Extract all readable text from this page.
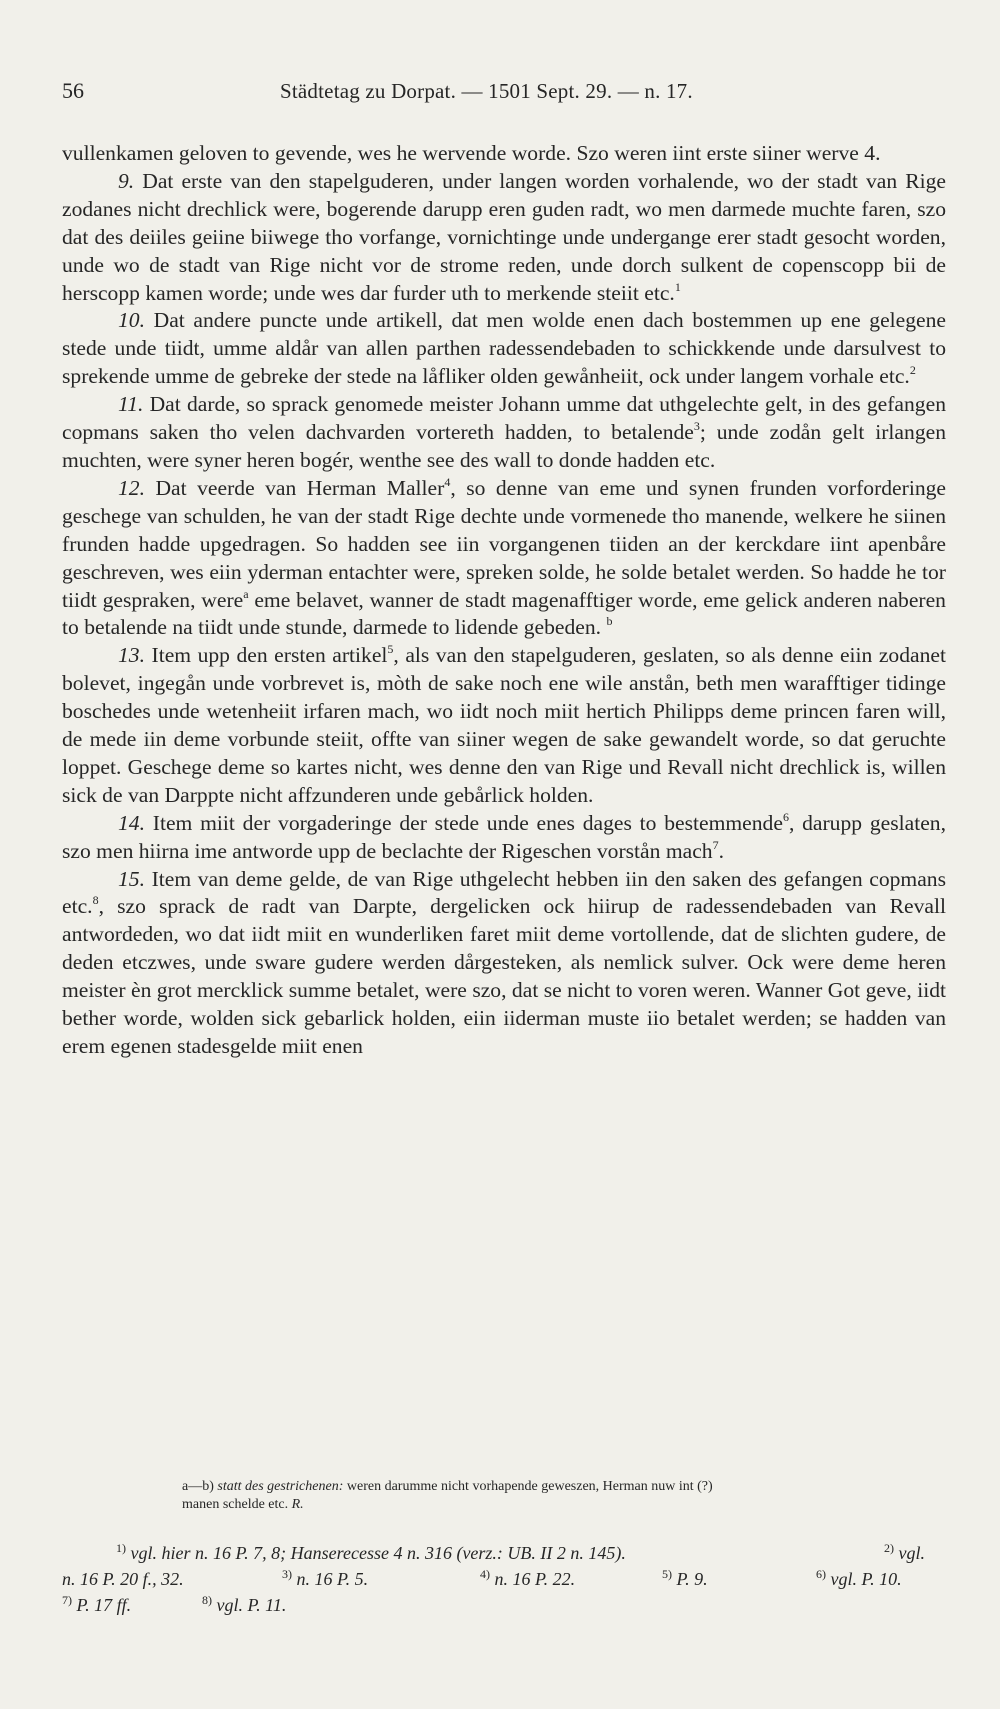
56	Städtetag zu Dorpat. — 1501 Sept. 29. — n. 17.

vullenkamen geloven to gevende, wes he wervende worde. Szo weren iint erste siiner werve 4.

9. Dat erste van den stapelguderen, under langen worden vorhalende, wo der stadt van Rige zodanes nicht drechlick were, bogerende darupp eren guden radt, wo men darmede muchte faren, szo dat des deiiles geiine biiwege tho vorfange, vornichtinge unde undergange erer stadt gesocht worden, unde wo de stadt van Rige nicht vor de strome reden, unde dorch sulkent de copenscopp bii de herscopp kamen worde; unde wes dar furder uth to merkende steiit etc.$^1$

10. Dat andere puncte unde artikell, dat men wolde enen dach bostemmen up ene gelegene stede unde tiidt, umme aldår van allen parthen radessendebaden to schickkende unde darsulvest to sprekende umme de gebreke der stede na låfliker olden gewånheiit, ock under langem vorhale etc.$^2$

11. Dat darde, so sprack genomede meister Johann umme dat uthgelechte gelt, in des gefangen copmans saken tho velen dachvarden vortereth hadden, to betalende$^3$; unde zodån gelt irlangen muchten, were syner heren bogér, wenthe see des wall to donde hadden etc.

12. Dat veerde van Herman Maller$^4$, so denne van eme und synen frunden vorforderinge geschege van schulden, he van der stadt Rige dechte unde vormenede tho manende, welkere he siinen frunden hadde upgedragen. So hadden see iin vorgangenen tiiden an der kerckdare iint apenbåre geschreven, wes eiin yderman entachter were, spreken solde, he solde betalet werden. So hadde he tor tiidt gespraken, were$^a$ eme belavet, wanner de stadt magenafftiger worde, eme gelick anderen naberen to betalende na tiidt unde stunde, darmede to lidende gebeden. $^b$

13. Item upp den ersten artikel$^5$, als van den stapelguderen, geslaten, so als denne eiin zodanet bolevet, ingegån unde vorbrevet is, mòth de sake noch ene wile anstån, beth men warafftiger tidinge boschedes unde wetenheiit irfaren mach, wo iidt noch miit hertich Philipps deme princen faren will, de mede iin deme vorbunde steiit, offte van siiner wegen de sake gewandelt worde, so dat geruchte loppet. Geschege deme so kartes nicht, wes denne den van Rige und Revall nicht drechlick is, willen sick de van Darppte nicht affzunderen unde gebårlick holden.

14. Item miit der vorgaderinge der stede unde enes dages to bestemmende$^6$, darupp geslaten, szo men hiirna ime antworde upp de beclachte der Rigeschen vorstån mach$^7$.

15. Item van deme gelde, de van Rige uthgelecht hebben iin den saken des gefangen copmans etc.$^8$, szo sprack de radt van Darpte, dergelicken ock hiirup de radessendebaden van Revall antwordeden, wo dat iidt miit en wunderliken faret miit deme vortollende, dat de slichten gudere, de deden etczwes, unde sware gudere werden dårgesteken, als nemlick sulver. Ock were deme heren meister èn grot mercklick summe betalet, were szo, dat se nicht to voren weren. Wanner Got geve, iidt bether worde, wolden sick gebarlick holden, eiin iiderman muste iio betalet werden; se hadden van erem egenen stadesgelde miit enen

a—b) statt des gestrichenen: weren darumme nicht vorhapende geweszen, Herman nuw int (?)

manen schelde etc. R.

$^{1)}$ vgl. hier n. 16 P. 7, 8; Hanserecesse 4 n. 316 (verz.: UB. II 2 n. 145).	$^{2)}$ vgl.
n. 16 P. 20 f., 32.	$^{3)}$ n. 16 P. 5.	$^{4)}$ n. 16 P. 22.	$^{5)}$ P. 9.	$^{6)}$ vgl. P. 10.
$^{7)}$ P. 17 ff.	$^{8)}$ vgl. P. 11.
